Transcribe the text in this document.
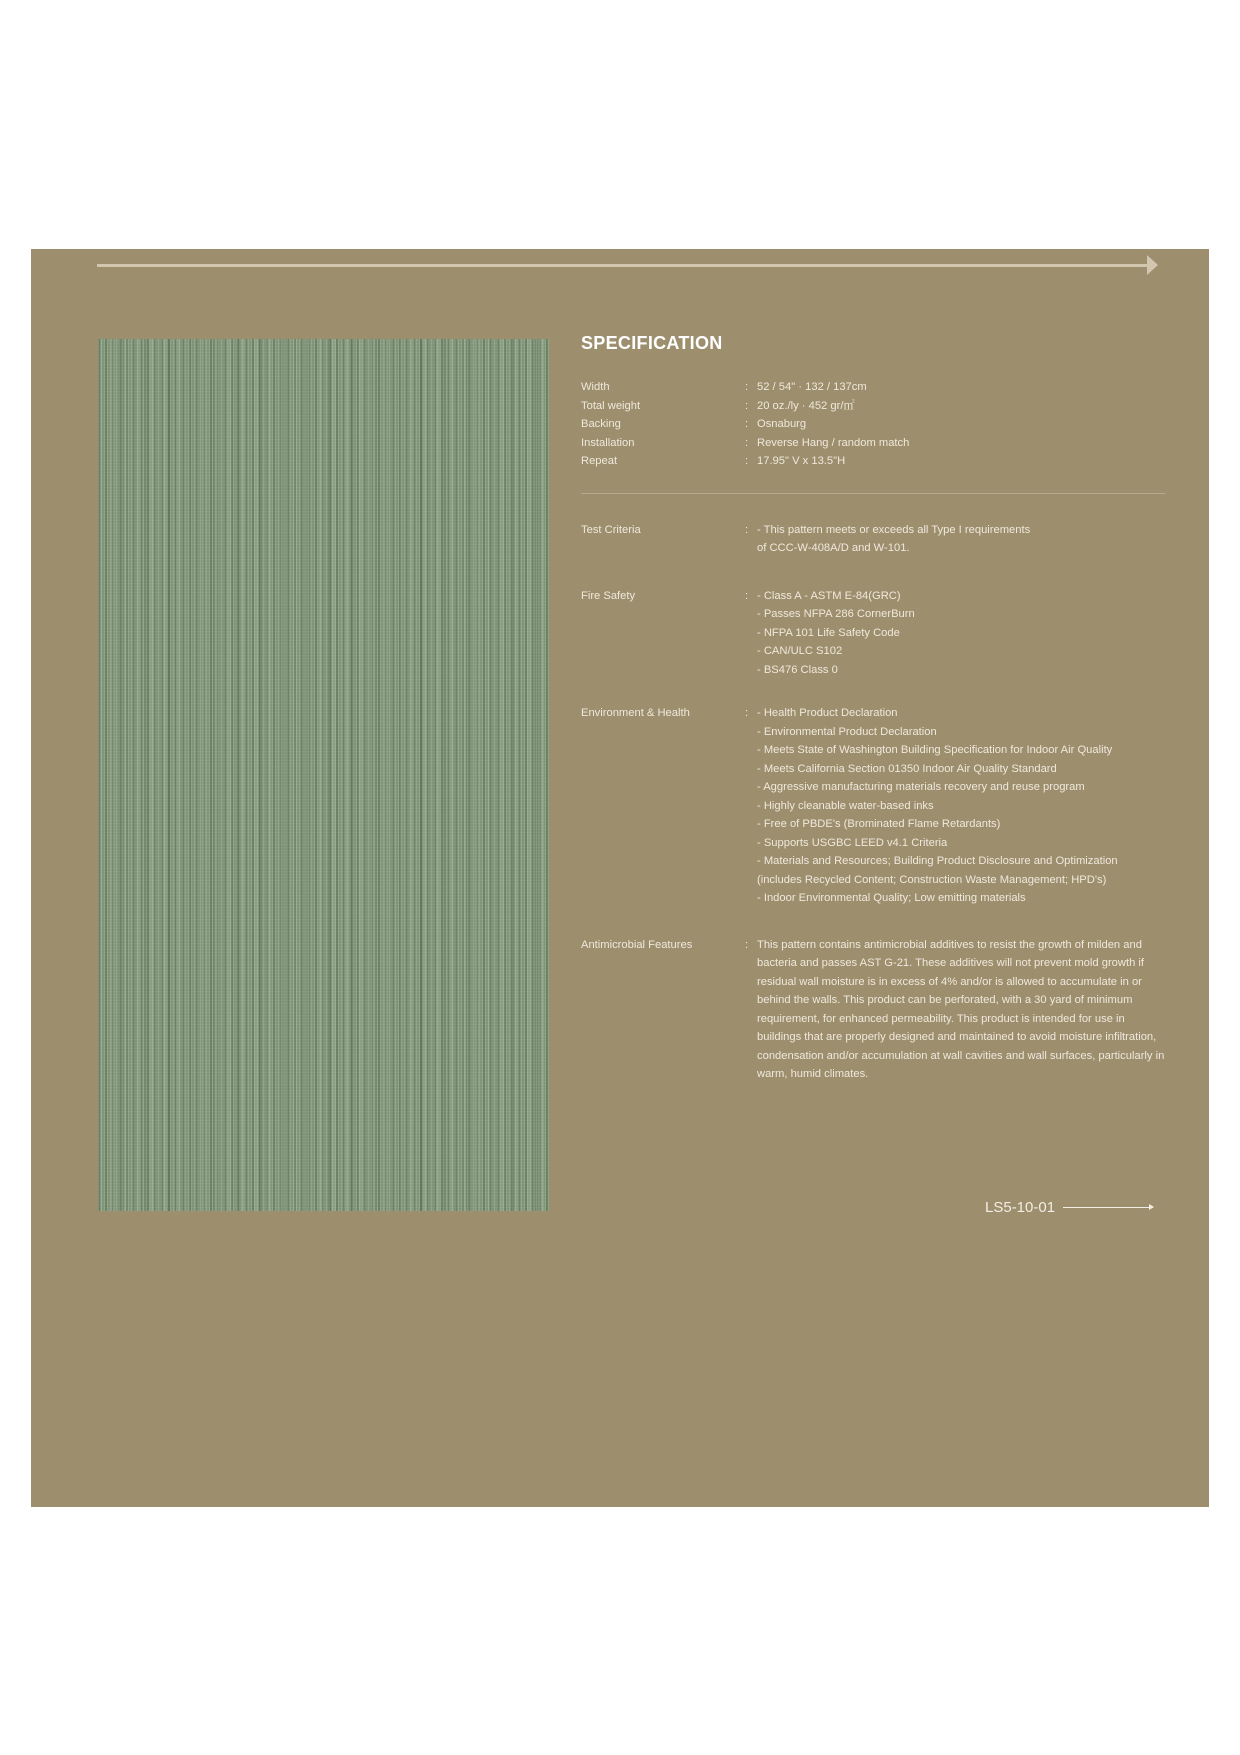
SPECIFICATION
Width	: 52 / 54" · 132 / 137cm
Total weight	: 20 oz./ly · 452 gr/㎡
Backing	: Osnaburg
Installation	: Reverse Hang / random match
Repeat	: 17.95" V x 13.5"H
Test Criteria	: - This pattern meets or exceeds all Type I requirements
of CCC-W-408A/D and W-101.
Fire Safety	: - Class A - ASTM E-84(GRC)
- Passes NFPA 286 CornerBurn
- NFPA 101 Life Safety Code
- CAN/ULC S102
- BS476 Class 0
Environment & Health	: - Health Product Declaration
- Environmental Product Declaration
- Meets State of Washington Building Specification for Indoor Air Quality
- Meets California Section 01350 Indoor Air Quality Standard
- Aggressive manufacturing materials recovery and reuse program
- Highly cleanable water-based inks
- Free of PBDE's (Brominated Flame Retardants)
- Supports USGBC LEED v4.1 Criteria
- Materials and Resources; Building Product Disclosure and Optimization
(includes Recycled Content; Construction Waste Management; HPD's)
- Indoor Environmental Quality; Low emitting materials
Antimicrobial Features	: This pattern contains antimicrobial additives to resist the growth of milden and bacteria and passes AST G-21. These additives will not prevent mold growth if residual wall moisture is in excess of 4% and/or is allowed to accumulate in or behind the walls. This product can be perforated, with a 30 yard of minimum requirement, for enhanced permeability. This product is intended for use in buildings that are properly designed and maintained to avoid moisture infiltration, condensation and/or accumulation at wall cavities and wall surfaces, particularly in warm, humid climates.
LS5-10-01
